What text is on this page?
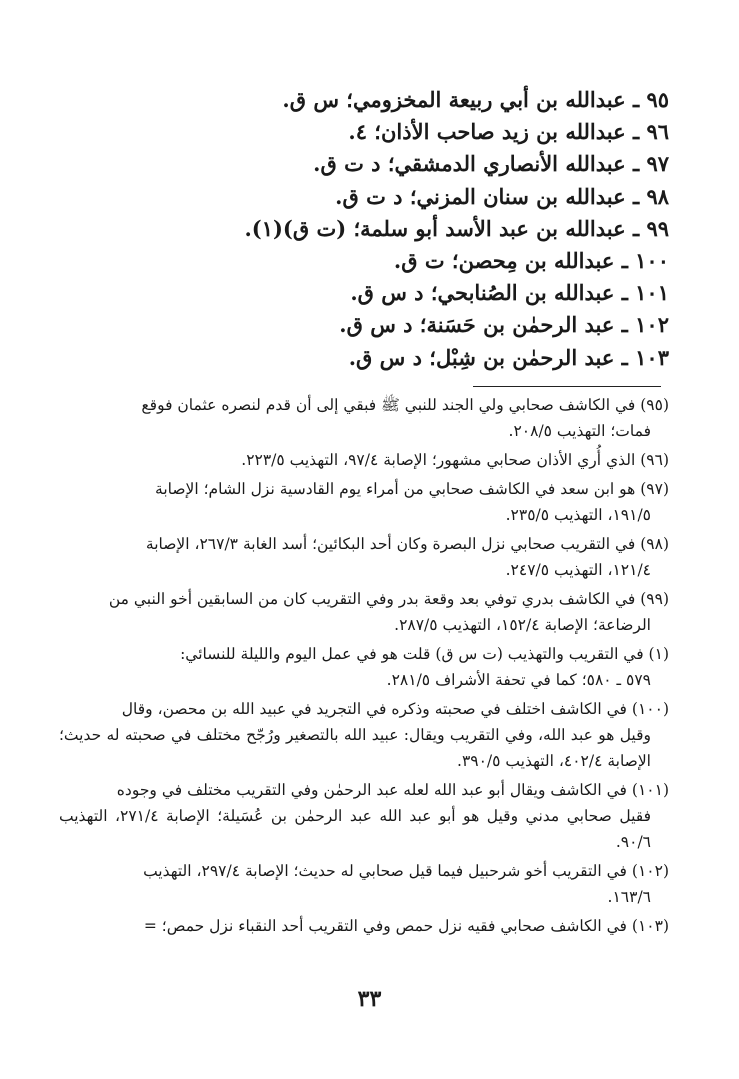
٩٥ ـ عبدالله بن أبي ربيعة المخزومي؛ س ق.
٩٦ ـ عبدالله بن زيد صاحب الأذان؛ ٤.
٩٧ ـ عبدالله الأنصاري الدمشقي؛ د ت ق.
٩٨ ـ عبدالله بن سنان المزني؛ د ت ق.
٩٩ ـ عبدالله بن عبد الأسد أبو سلمة؛ (ت ق)(١).
١٠٠ ـ عبدالله بن مِحصن؛ ت ق.
١٠١ ـ عبدالله بن الصُنابحي؛ د س ق.
١٠٢ ـ عبد الرحمٰن بن حَسَنة؛ د س ق.
١٠٣ ـ عبد الرحمٰن بن شِبْل؛ د س ق.
(٩٥) في الكاشف صحابي ولي الجند للنبي ﷺ فبقي إلى أن قدم لنصره عثمان فوقع
فمات؛ التهذيب ٢٠٨/٥.
(٩٦) الذي أُري الأذان صحابي مشهور؛ الإصابة ٩٧/٤، التهذيب ٢٢٣/٥.
(٩٧) هو ابن سعد في الكاشف صحابي من أمراء يوم القادسية نزل الشام؛ الإصابة
١٩١/٥، التهذيب ٢٣٥/٥.
(٩٨) في التقريب صحابي نزل البصرة وكان أحد البكائين؛ أسد الغابة ٢٦٧/٣، الإصابة
١٢١/٤، التهذيب ٢٤٧/٥.
(٩٩) في الكاشف بدري توفي بعد وقعة بدر وفي التقريب كان من السابقين أخو النبي من
الرضاعة؛ الإصابة ١٥٢/٤، التهذيب ٢٨٧/٥.
(١) في التقريب والتهذيب (ت س ق) قلت هو في عمل اليوم والليلة للنسائي:
٥٧٩ ـ ٥٨٠؛ كما في تحفة الأشراف ٢٨١/٥.
(١٠٠) في الكاشف اختلف في صحبته وذكره في التجريد في عبيد الله بن محصن، وقال
وقيل هو عبد الله، وفي التقريب ويقال: عبيد الله بالتصغير ورُجّح مختلف في صحبته له حديث؛ الإصابة ٤٠٢/٤، التهذيب ٣٩٠/٥.
(١٠١) في الكاشف ويقال أبو عبد الله لعله عبد الرحمٰن وفي التقريب مختلف في وجوده
فقيل صحابي مدني وقيل هو أبو عبد الله عبد الرحمٰن بن عُسَيلة؛ الإصابة ٢٧١/٤، التهذيب ٩٠/٦.
(١٠٢) في التقريب أخو شرحبيل فيما قيل صحابي له حديث؛ الإصابة ٢٩٧/٤، التهذيب
١٦٣/٦.
(١٠٣) في الكاشف صحابي فقيه نزل حمص وفي التقريب أحد النقباء نزل حمص؛ =
٣٣
